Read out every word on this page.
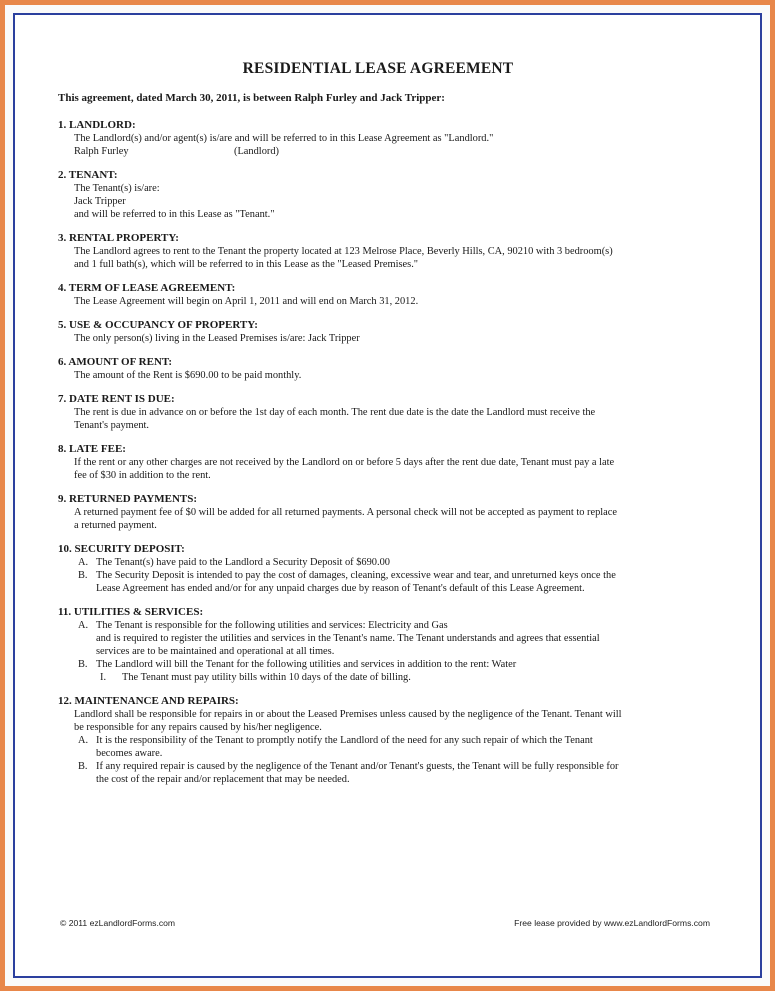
RESIDENTIAL LEASE AGREEMENT
This agreement, dated March 30, 2011, is between Ralph Furley and Jack Tripper:
1. LANDLORD:
The Landlord(s) and/or agent(s) is/are and will be referred to in this Lease Agreement as "Landlord."
Ralph Furley	(Landlord)
2. TENANT:
The Tenant(s) is/are:
Jack Tripper
and will be referred to in this Lease as "Tenant."
3. RENTAL PROPERTY:
The Landlord agrees to rent to the Tenant the property located at 123 Melrose Place, Beverly Hills, CA, 90210 with 3 bedroom(s)
and 1 full bath(s), which will be referred to in this Lease as the "Leased Premises."
4. TERM OF LEASE AGREEMENT:
The Lease Agreement will begin on April 1, 2011 and will end on March 31, 2012.
5. USE & OCCUPANCY OF PROPERTY:
The only person(s) living in the Leased Premises is/are: Jack Tripper
6. AMOUNT OF RENT:
The amount of the Rent is $690.00 to be paid monthly.
7. DATE RENT IS DUE:
The rent is due in advance on or before the 1st day of each month. The rent due date is the date the Landlord must receive the
Tenant's payment.
8. LATE FEE:
If the rent or any other charges are not received by the Landlord on or before 5 days after the rent due date, Tenant must pay a late
fee of $30 in addition to the rent.
9. RETURNED PAYMENTS:
A returned payment fee of $0 will be added for all returned payments. A personal check will not be accepted as payment to replace
a returned payment.
10. SECURITY DEPOSIT:
A. The Tenant(s) have paid to the Landlord a Security Deposit of $690.00
B. The Security Deposit is intended to pay the cost of damages, cleaning, excessive wear and tear, and unreturned keys once the
Lease Agreement has ended and/or for any unpaid charges due by reason of Tenant's default of this Lease Agreement.
11. UTILITIES & SERVICES:
A. The Tenant is responsible for the following utilities and services: Electricity and Gas
and is required to register the utilities and services in the Tenant's name. The Tenant understands and agrees that essential
services are to be maintained and operational at all times.
B. The Landlord will bill the Tenant for the following utilities and services in addition to the rent: Water
I.	The Tenant must pay utility bills within 10 days of the date of billing.
12. MAINTENANCE AND REPAIRS:
Landlord shall be responsible for repairs in or about the Leased Premises unless caused by the negligence of the Tenant. Tenant will
be responsible for any repairs caused by his/her negligence.
A. It is the responsibility of the Tenant to promptly notify the Landlord of the need for any such repair of which the Tenant
becomes aware.
B. If any required repair is caused by the negligence of the Tenant and/or Tenant's guests, the Tenant will be fully responsible for
the cost of the repair and/or replacement that may be needed.
© 2011 ezLandlordForms.com	Free lease provided by www.ezLandlordForms.com
